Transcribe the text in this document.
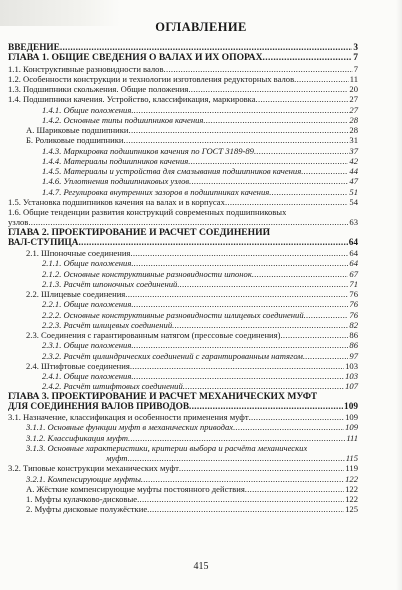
ОГЛАВЛЕНИЕ
ВВЕДЕНИЕ .....	3
ГЛАВА 1. ОБЩИЕ СВЕДЕНИЯ О ВАЛАХ И ИХ ОПОРАХ .....	7
1.1. Конструктивные разновидности валов .....	7
1.2. Особенности конструкции и технологии изготовления редукторных валов .....	11
1.3. Подшипники скольжения. Общие положения .....	20
1.4. Подшипники качения. Устройство, классификация, маркировка .....	27
1.4.1. Общие положения .....	27
1.4.2. Основные типы подшипников качения .....	28
А. Шариковые подшипники .....	28
Б. Роликовые подшипники .....	31
1.4.3. Маркировка подшипников качения по ГОСТ 3189-89 .....	37
1.4.4. Материалы подшипников качения .....	42
1.4.5. Материалы и устройства для смазывания подшипников качения .....	44
1.4.6. Уплотнения подшипниковых узлов .....	47
1.4.7. Регулировка внутренних зазоров в подшипниках качения .....	51
1.5. Установка подшипников качения на валах и в корпусах .....	54
1.6. Общие тенденции развития конструкций современных подшипниковых
узлов .....	63
ГЛАВА 2. ПРОЕКТИРОВАНИЕ И РАСЧЁТ СОЕДИНЕНИЙ
ВАЛ-СТУПИЦА .....	64
2.1. Шпоночные соединения .....	64
2.1.1. Общие положения .....	64
2.1.2. Основные конструктивные разновидности шпонок .....	67
2.1.3. Расчёт шпоночных соединений .....	71
2.2. Шлицевые соединения .....	76
2.2.1. Общие положения .....	76
2.2.2. Основные конструктивные разновидности шлицевых соединений .....	76
2.2.3. Расчёт шлицевых соединений .....	82
2.3. Соединения с гарантированным натягом (прессовые соединения) .....	86
2.3.1. Общие положения .....	86
2.3.2. Расчёт цилиндрических соединений с гарантированным натягом .....	97
2.4. Штифтовые соединения .....	103
2.4.1. Общие положения .....	103
2.4.2. Расчёт штифтовых соединений .....	107
ГЛАВА 3. ПРОЕКТИРОВАНИЕ И РАСЧЁТ МЕХАНИЧЕСКИХ МУФТ
ДЛЯ СОЕДИНЕНИЯ ВАЛОВ ПРИВОДОВ .....	109
3.1. Назначение, классификация и особенности применения муфт .....	109
3.1.1. Основные функции муфт в механических приводах .....	109
3.1.2. Классификация муфт .....	111
3.1.3. Основные характеристики, критерии выбора и расчёта механических
муфт .....	115
3.2. Типовые конструкции механических муфт .....	119
3.2.1. Компенсирующие муфты .....	122
А. Жёсткие компенсирующие муфты постоянного действия .....	122
1. Муфты кулачково-дисковые .....	122
2. Муфты дисковые полужёсткие .....	125
415
